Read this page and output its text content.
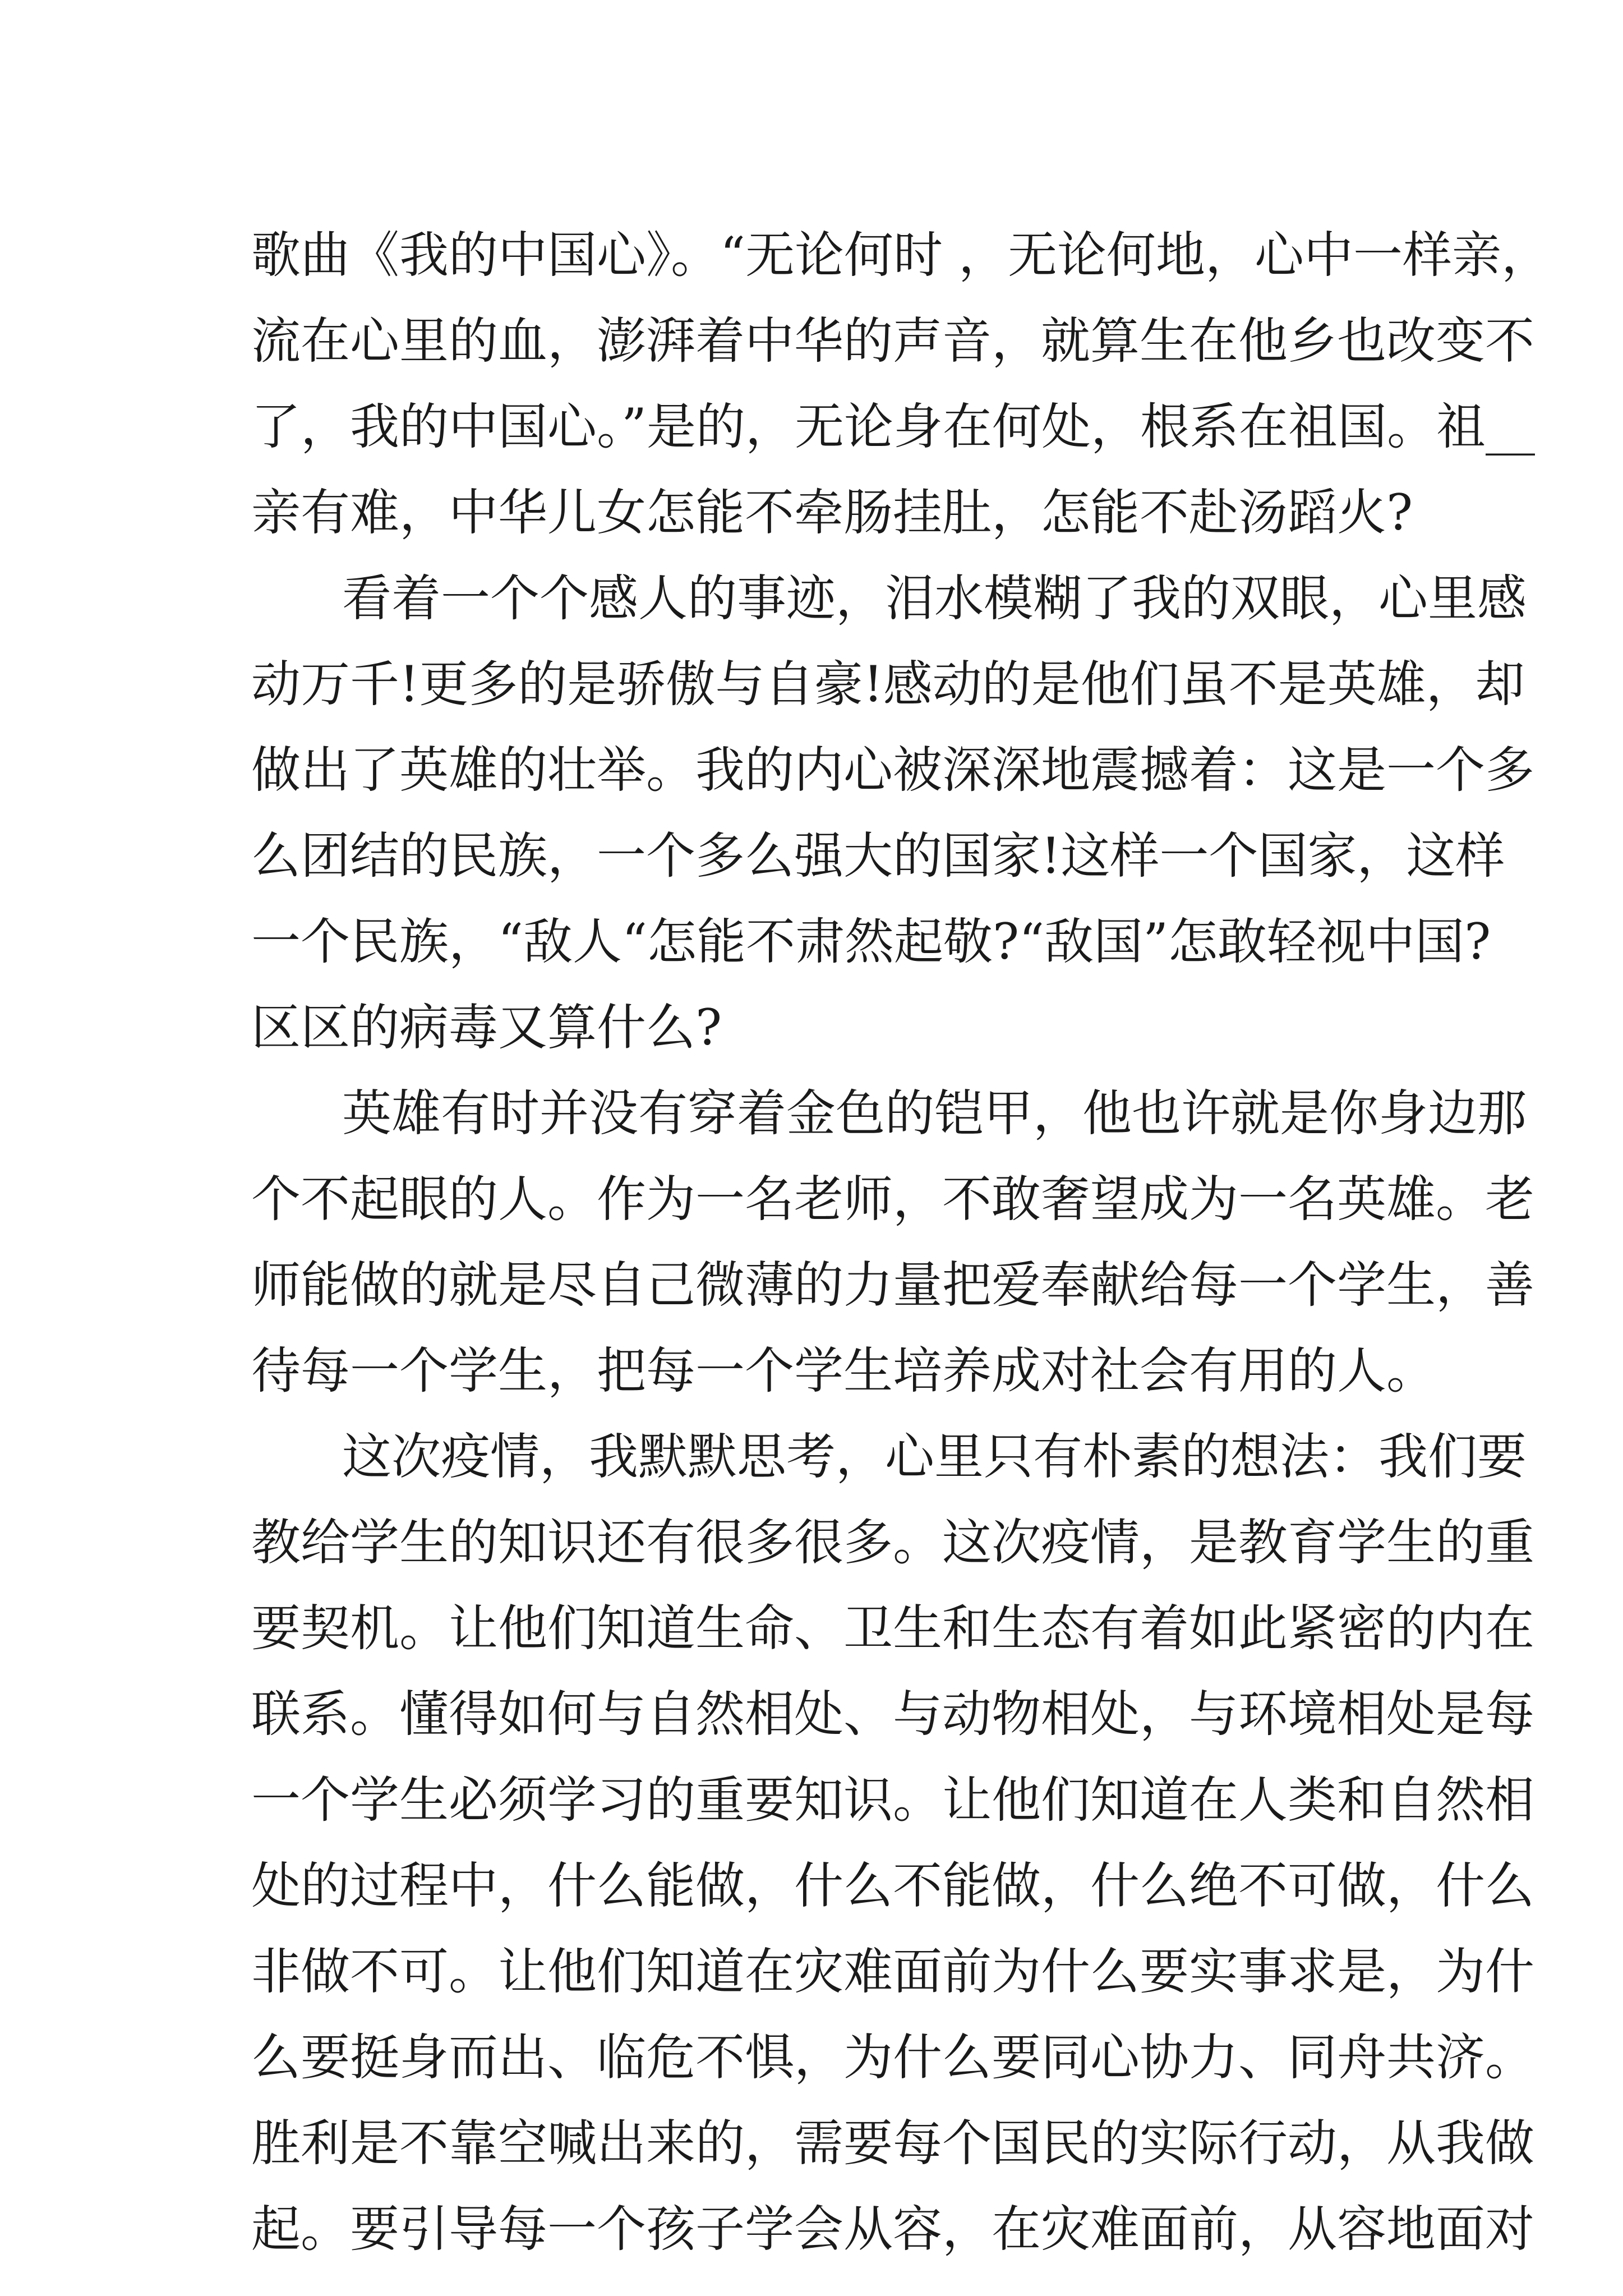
歌曲《我的中国心》。“无论何时 ，无论何地，心中一样亲，
流在心里的血，澎湃着中华的声音，就算生在他乡也改变不
了，我的中国心。”是的，无论身在何处，根系在祖国。祖__
亲有难，中华儿女怎能不牵肠挂肚，怎能不赴汤蹈火?
看着一个个感人的事迹，泪水模糊了我的双眼，心里感
动万千!更多的是骄傲与自豪!感动的是他们虽不是英雄，却
做出了英雄的壮举。我的内心被深深地震撼着：这是一个多
么团结的民族，一个多么强大的国家!这样一个国家，这样
一个民族，“敌人“怎能不肃然起敬?“敌国”怎敢轻视中国?
区区的病毒又算什么?
英雄有时并没有穿着金色的铠甲，他也许就是你身边那
个不起眼的人。作为一名老师，不敢奢望成为一名英雄。老
师能做的就是尽自己微薄的力量把爱奉献给每一个学生，善
待每一个学生，把每一个学生培养成对社会有用的人。
这次疫情，我默默思考，心里只有朴素的想法：我们要
教给学生的知识还有很多很多。这次疫情，是教育学生的重
要契机。让他们知道生命、卫生和生态有着如此紧密的内在
联系。懂得如何与自然相处、与动物相处，与环境相处是每
一个学生必须学习的重要知识。让他们知道在人类和自然相
处的过程中，什么能做，什么不能做，什么绝不可做，什么
非做不可。让他们知道在灾难面前为什么要实事求是，为什
么要挺身而出、临危不惧，为什么要同心协力、同舟共济。
胜利是不靠空喊出来的，需要每个国民的实际行动，从我做
起。要引导每一个孩子学会从容，在灾难面前，从容地面对
